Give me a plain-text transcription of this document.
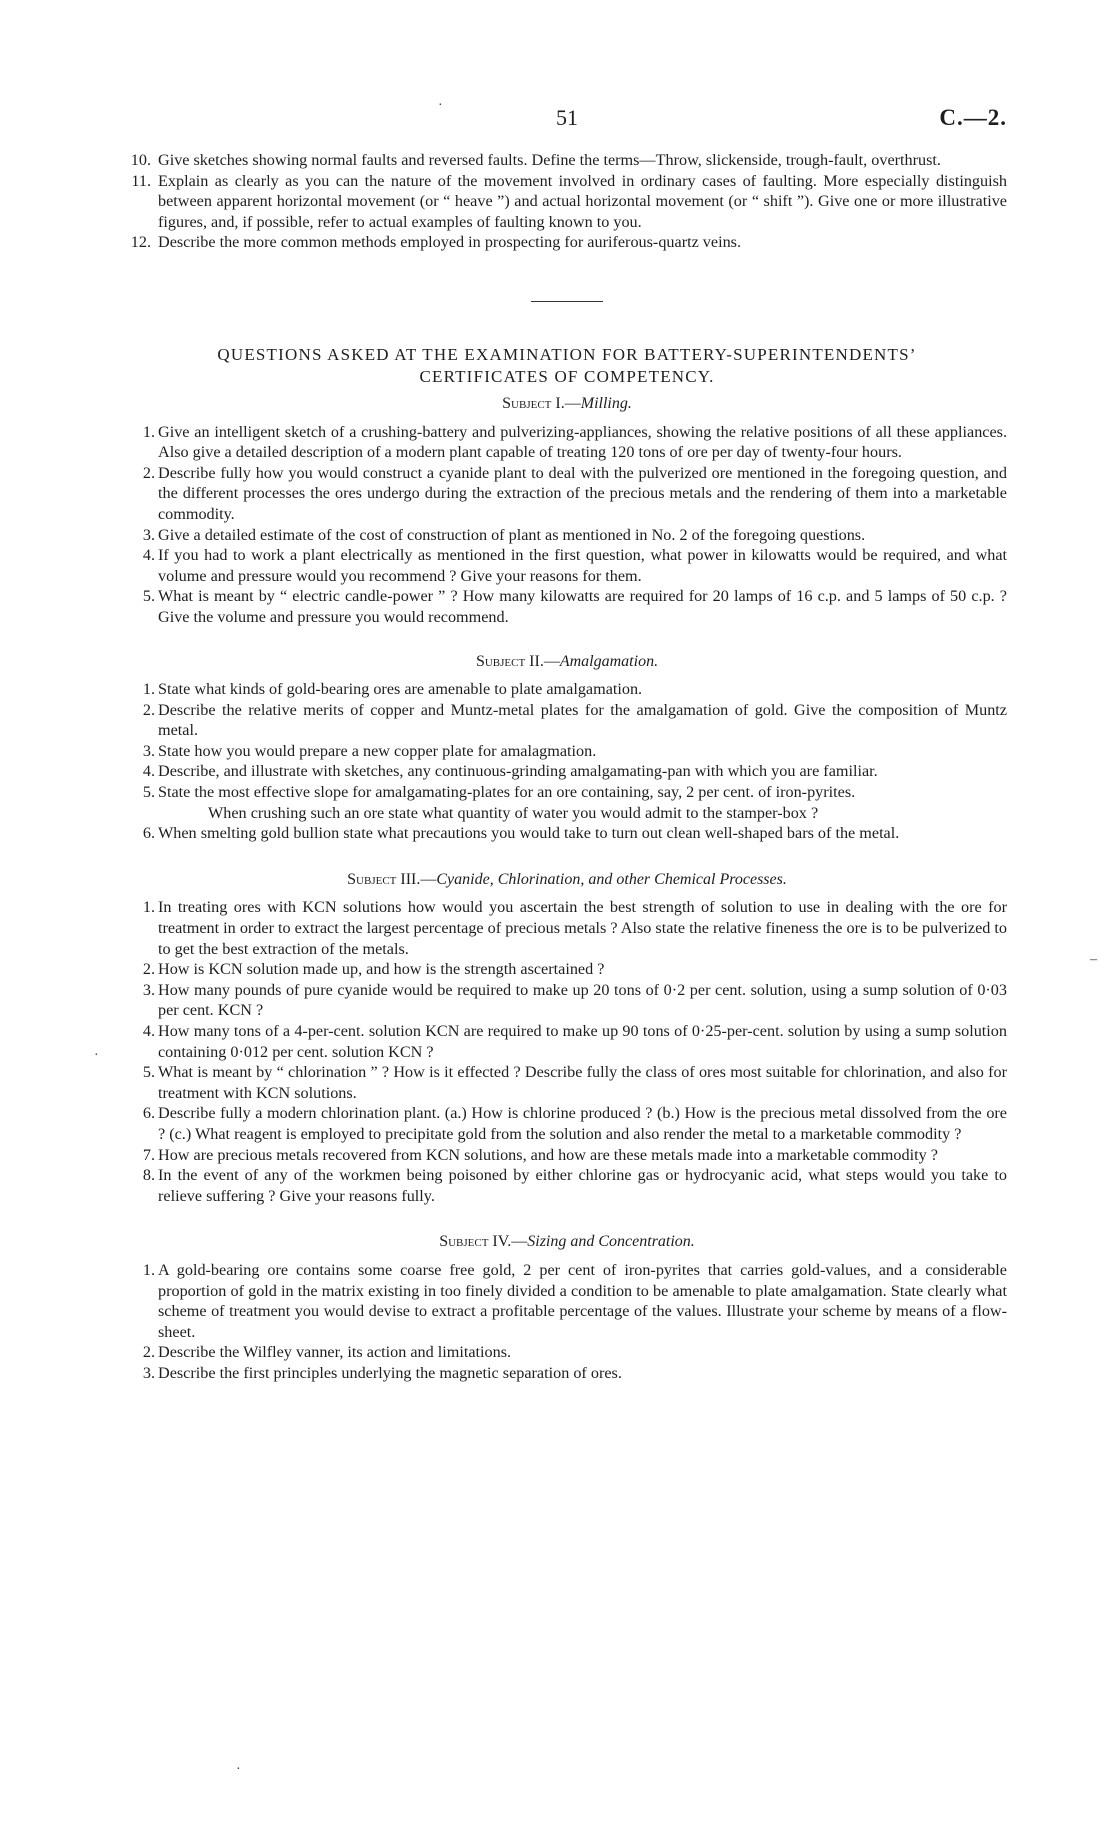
51	C.—2.
10. Give sketches showing normal faults and reversed faults. Define the terms—Throw, slickenside, trough-fault, overthrust.
11. Explain as clearly as you can the nature of the movement involved in ordinary cases of faulting. More especially distinguish between apparent horizontal movement (or “ heave ”) and actual horizontal movement (or “ shift ”). Give one or more illustrative figures, and, if possible, refer to actual examples of faulting known to you.
12. Describe the more common methods employed in prospecting for auriferous-quartz veins.
QUESTIONS ASKED AT THE EXAMINATION FOR BATTERY-SUPERINTENDENTS’
CERTIFICATES OF COMPETENCY.
Subject I.—Milling.
1. Give an intelligent sketch of a crushing-battery and pulverizing-appliances, showing the relative positions of all these appliances. Also give a detailed description of a modern plant capable of treating 120 tons of ore per day of twenty-four hours.
2. Describe fully how you would construct a cyanide plant to deal with the pulverized ore mentioned in the foregoing question, and the different processes the ores undergo during the extraction of the precious metals and the rendering of them into a marketable commodity.
3. Give a detailed estimate of the cost of construction of plant as mentioned in No. 2 of the foregoing questions.
4. If you had to work a plant electrically as mentioned in the first question, what power in kilowatts would be required, and what volume and pressure would you recommend ? Give your reasons for them.
5. What is meant by “ electric candle-power ” ? How many kilowatts are required for 20 lamps of 16 c.p. and 5 lamps of 50 c.p. ? Give the volume and pressure you would recommend.
Subject II.—Amalgamation.
1. State what kinds of gold-bearing ores are amenable to plate amalgamation.
2. Describe the relative merits of copper and Muntz-metal plates for the amalgamation of gold. Give the composition of Muntz metal.
3. State how you would prepare a new copper plate for amalagmation.
4. Describe, and illustrate with sketches, any continuous-grinding amalgamating-pan with which you are familiar.
5. State the most effective slope for amalgamating-plates for an ore containing, say, 2 per cent. of iron-pyrites.
When crushing such an ore state what quantity of water you would admit to the stamper-box ?
6. When smelting gold bullion state what precautions you would take to turn out clean well-shaped bars of the metal.
Subject III.—Cyanide, Chlorination, and other Chemical Processes.
1. In treating ores with KCN solutions how would you ascertain the best strength of solution to use in dealing with the ore for treatment in order to extract the largest percentage of precious metals ? Also state the relative fineness the ore is to be pulverized to to get the best extraction of the metals.
2. How is KCN solution made up, and how is the strength ascertained ?
3. How many pounds of pure cyanide would be required to make up 20 tons of 0·2 per cent. solution, using a sump solution of 0·03 per cent. KCN ?
4. How many tons of a 4-per-cent. solution KCN are required to make up 90 tons of 0·25-per-cent. solution by using a sump solution containing 0·012 per cent. solution KCN ?
5. What is meant by “ chlorination ” ? How is it effected ? Describe fully the class of ores most suitable for chlorination, and also for treatment with KCN solutions.
6. Describe fully a modern chlorination plant. (a.) How is chlorine produced ? (b.) How is the precious metal dissolved from the ore ? (c.) What reagent is employed to precipitate gold from the solution and also render the metal to a marketable commodity ?
7. How are precious metals recovered from KCN solutions, and how are these metals made into a marketable commodity ?
8. In the event of any of the workmen being poisoned by either chlorine gas or hydrocyanic acid, what steps would you take to relieve suffering ? Give your reasons fully.
Subject IV.—Sizing and Concentration.
1. A gold-bearing ore contains some coarse free gold, 2 per cent of iron-pyrites that carries gold-values, and a considerable proportion of gold in the matrix existing in too finely divided a condition to be amenable to plate amalgamation. State clearly what scheme of treatment you would devise to extract a profitable percentage of the values. Illustrate your scheme by means of a flow-sheet.
2. Describe the Wilfley vanner, its action and limitations.
3. Describe the first principles underlying the magnetic separation of ores.
·
–
·
·
